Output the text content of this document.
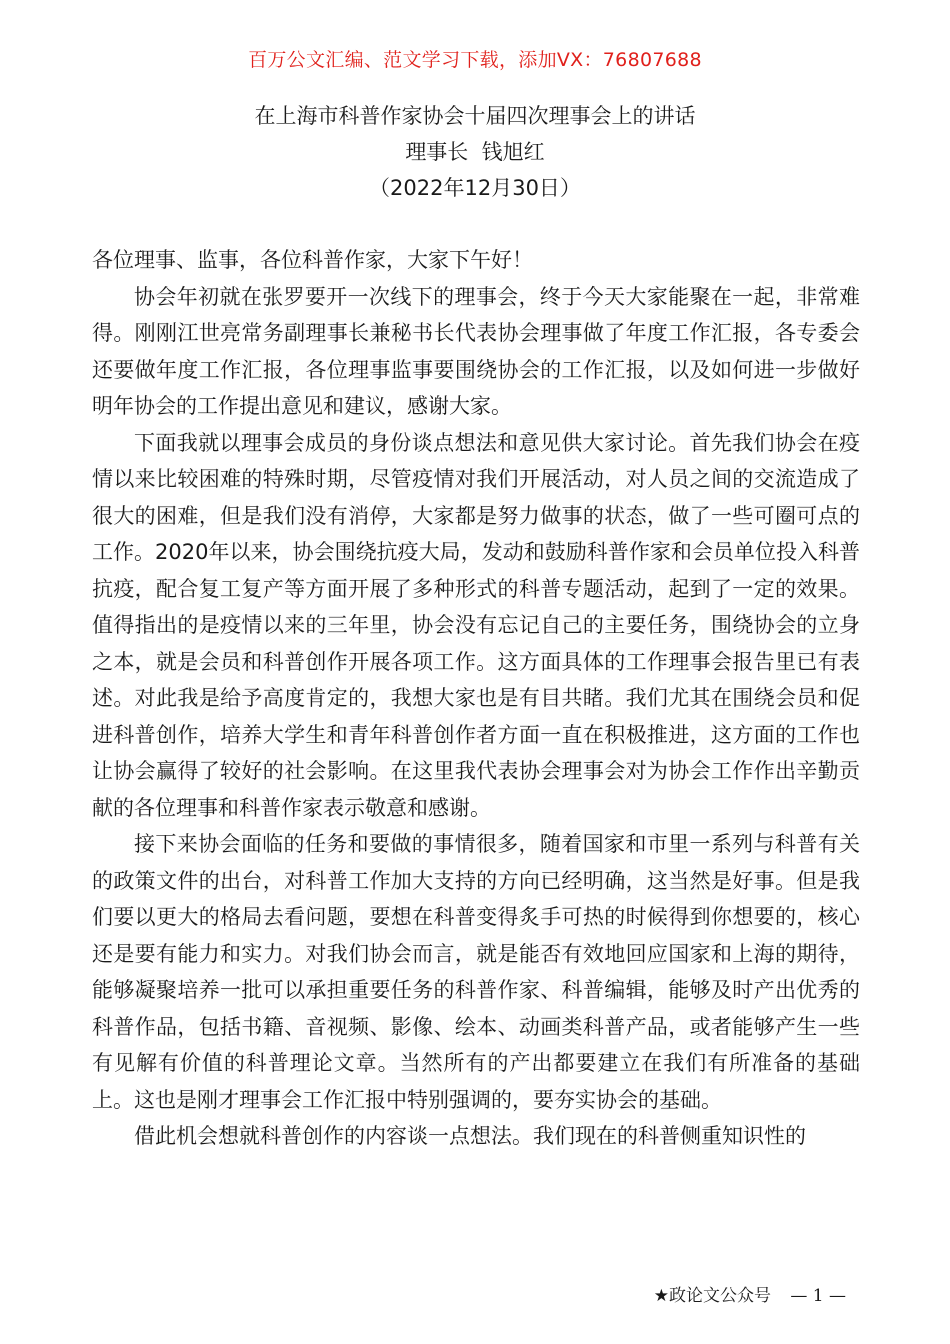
百万公文汇编、范文学习下载，添加VX：76807688
在上海市科普作家协会十届四次理事会上的讲话
理事长  钱旭红
（2022年12月30日）

各位理事、监事，各位科普作家，大家下午好！

协会年初就在张罗要开一次线下的理事会，终于今天大家能聚在一起，非常难得。刚刚江世亮常务副理事长兼秘书长代表协会理事做了年度工作汇报，各专委会还要做年度工作汇报，各位理事监事要围绕协会的工作汇报，以及如何进一步做好明年协会的工作提出意见和建议，感谢大家。

下面我就以理事会成员的身份谈点想法和意见供大家讨论。首先我们协会在疫情以来比较困难的特殊时期，尽管疫情对我们开展活动，对人员之间的交流造成了很大的困难，但是我们没有消停，大家都是努力做事的状态，做了一些可圈可点的工作。2020年以来，协会围绕抗疫大局，发动和鼓励科普作家和会员单位投入科普抗疫，配合复工复产等方面开展了多种形式的科普专题活动，起到了一定的效果。值得指出的是疫情以来的三年里，协会没有忘记自己的主要任务，围绕协会的立身之本，就是会员和科普创作开展各项工作。这方面具体的工作理事会报告里已有表述。对此我是给予高度肯定的，我想大家也是有目共睹。我们尤其在围绕会员和促进科普创作，培养大学生和青年科普创作者方面一直在积极推进，这方面的工作也让协会赢得了较好的社会影响。在这里我代表协会理事会对为协会工作作出辛勤贡献的各位理事和科普作家表示敬意和感谢。

接下来协会面临的任务和要做的事情很多，随着国家和市里一系列与科普有关的政策文件的出台，对科普工作加大支持的方向已经明确，这当然是好事。但是我们要以更大的格局去看问题，要想在科普变得炙手可热的时候得到你想要的，核心还是要有能力和实力。对我们协会而言，就是能否有效地回应国家和上海的期待，能够凝聚培养一批可以承担重要任务的科普作家、科普编辑，能够及时产出优秀的科普作品，包括书籍、音视频、影像、绘本、动画类科普产品，或者能够产生一些有见解有价值的科普理论文章。当然所有的产出都要建立在我们有所准备的基础上。这也是刚才理事会工作汇报中特别强调的，要夯实协会的基础。

借此机会想就科普创作的内容谈一点想法。我们现在的科普侧重知识性的

★政论文公众号 — 1 —
